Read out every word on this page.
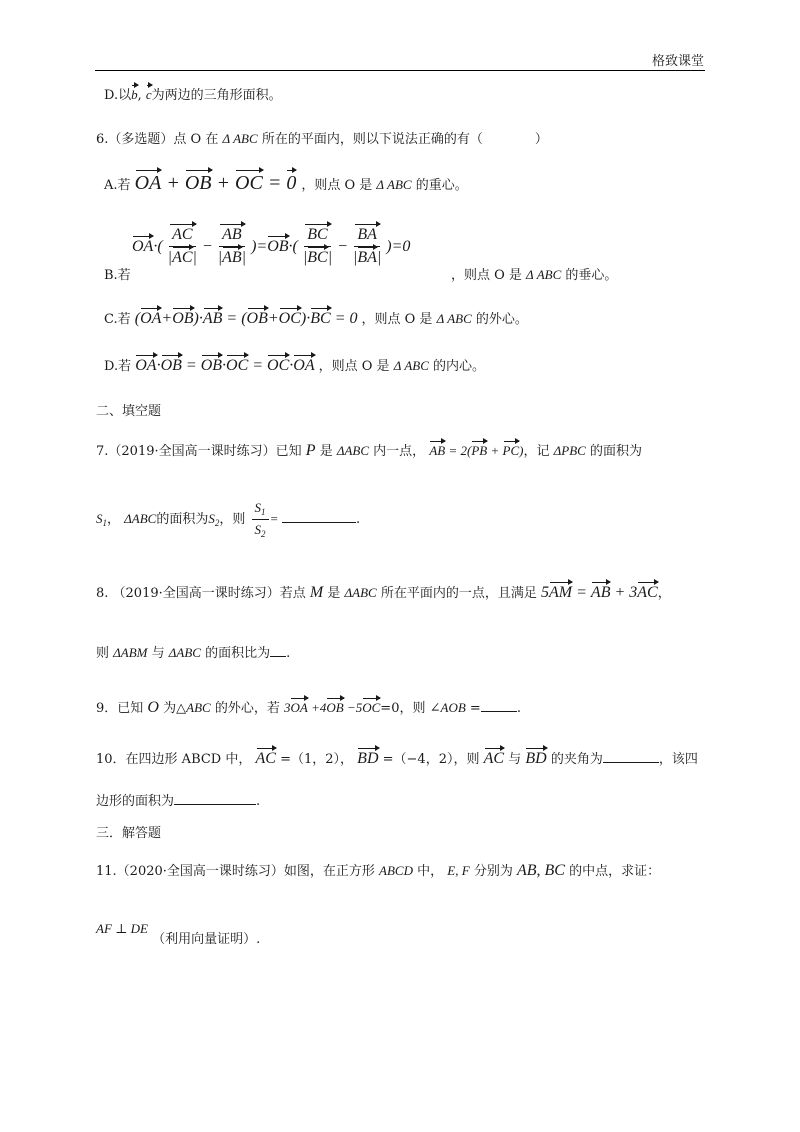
格致课堂
D.以b, c为两边的三角形面积。
6.（多选题）点 O 在 Δ ABC 所在的平面内，则以下说法正确的有（	）
A.若 OA + OB + OC = 0 ，则点 O 是 Δ ABC 的重心。
OA ·( $\frac{AC}{|AC|} - \frac{AB}{|AB|}$ )= OB ·( $\frac{BC}{|BC|} - \frac{BA}{|BA|} )=0$
B.若	，则点 O 是 Δ ABC 的垂心。
C.若 (OA+OB)·AB = (OB+OC)·BC = 0 ，则点 O 是 Δ ABC 的外心。
D.若 OA·OB = OB·OC = OC·OA ，则点 O 是 Δ ABC 的内心。
二、填空题
7.（2019·全国高一课时练习）已知 P 是 ΔABC 内一点， AB = 2(PB + PC)，记 ΔPBC 的面积为
$S_1$， ΔABC的面积为$S_2$，则 $\frac{S_1}{S_2}$ =	.
8. （2019·全国高一课时练习）若点 M 是 ΔABC 所在平面内的一点，且满足 5AM = AB + 3AC，
则 ΔABM 与 ΔABC 的面积比为 .
9．已知 O 为△ABC 的外心，若 3OA +4OB −5OC=0，则 ∠AOB =	.
10．在四边形 ABCD 中， AC =（1，2）， BD =（−4，2），则 AC 与 BD 的夹角为	，该四
边形的面积为	.
三．解答题
11.（2020·全国高一课时练习）如图，在正方形 ABCD 中， E, F 分别为 AB, BC 的中点，求证：
AF ⊥ DE （利用向量证明）.
